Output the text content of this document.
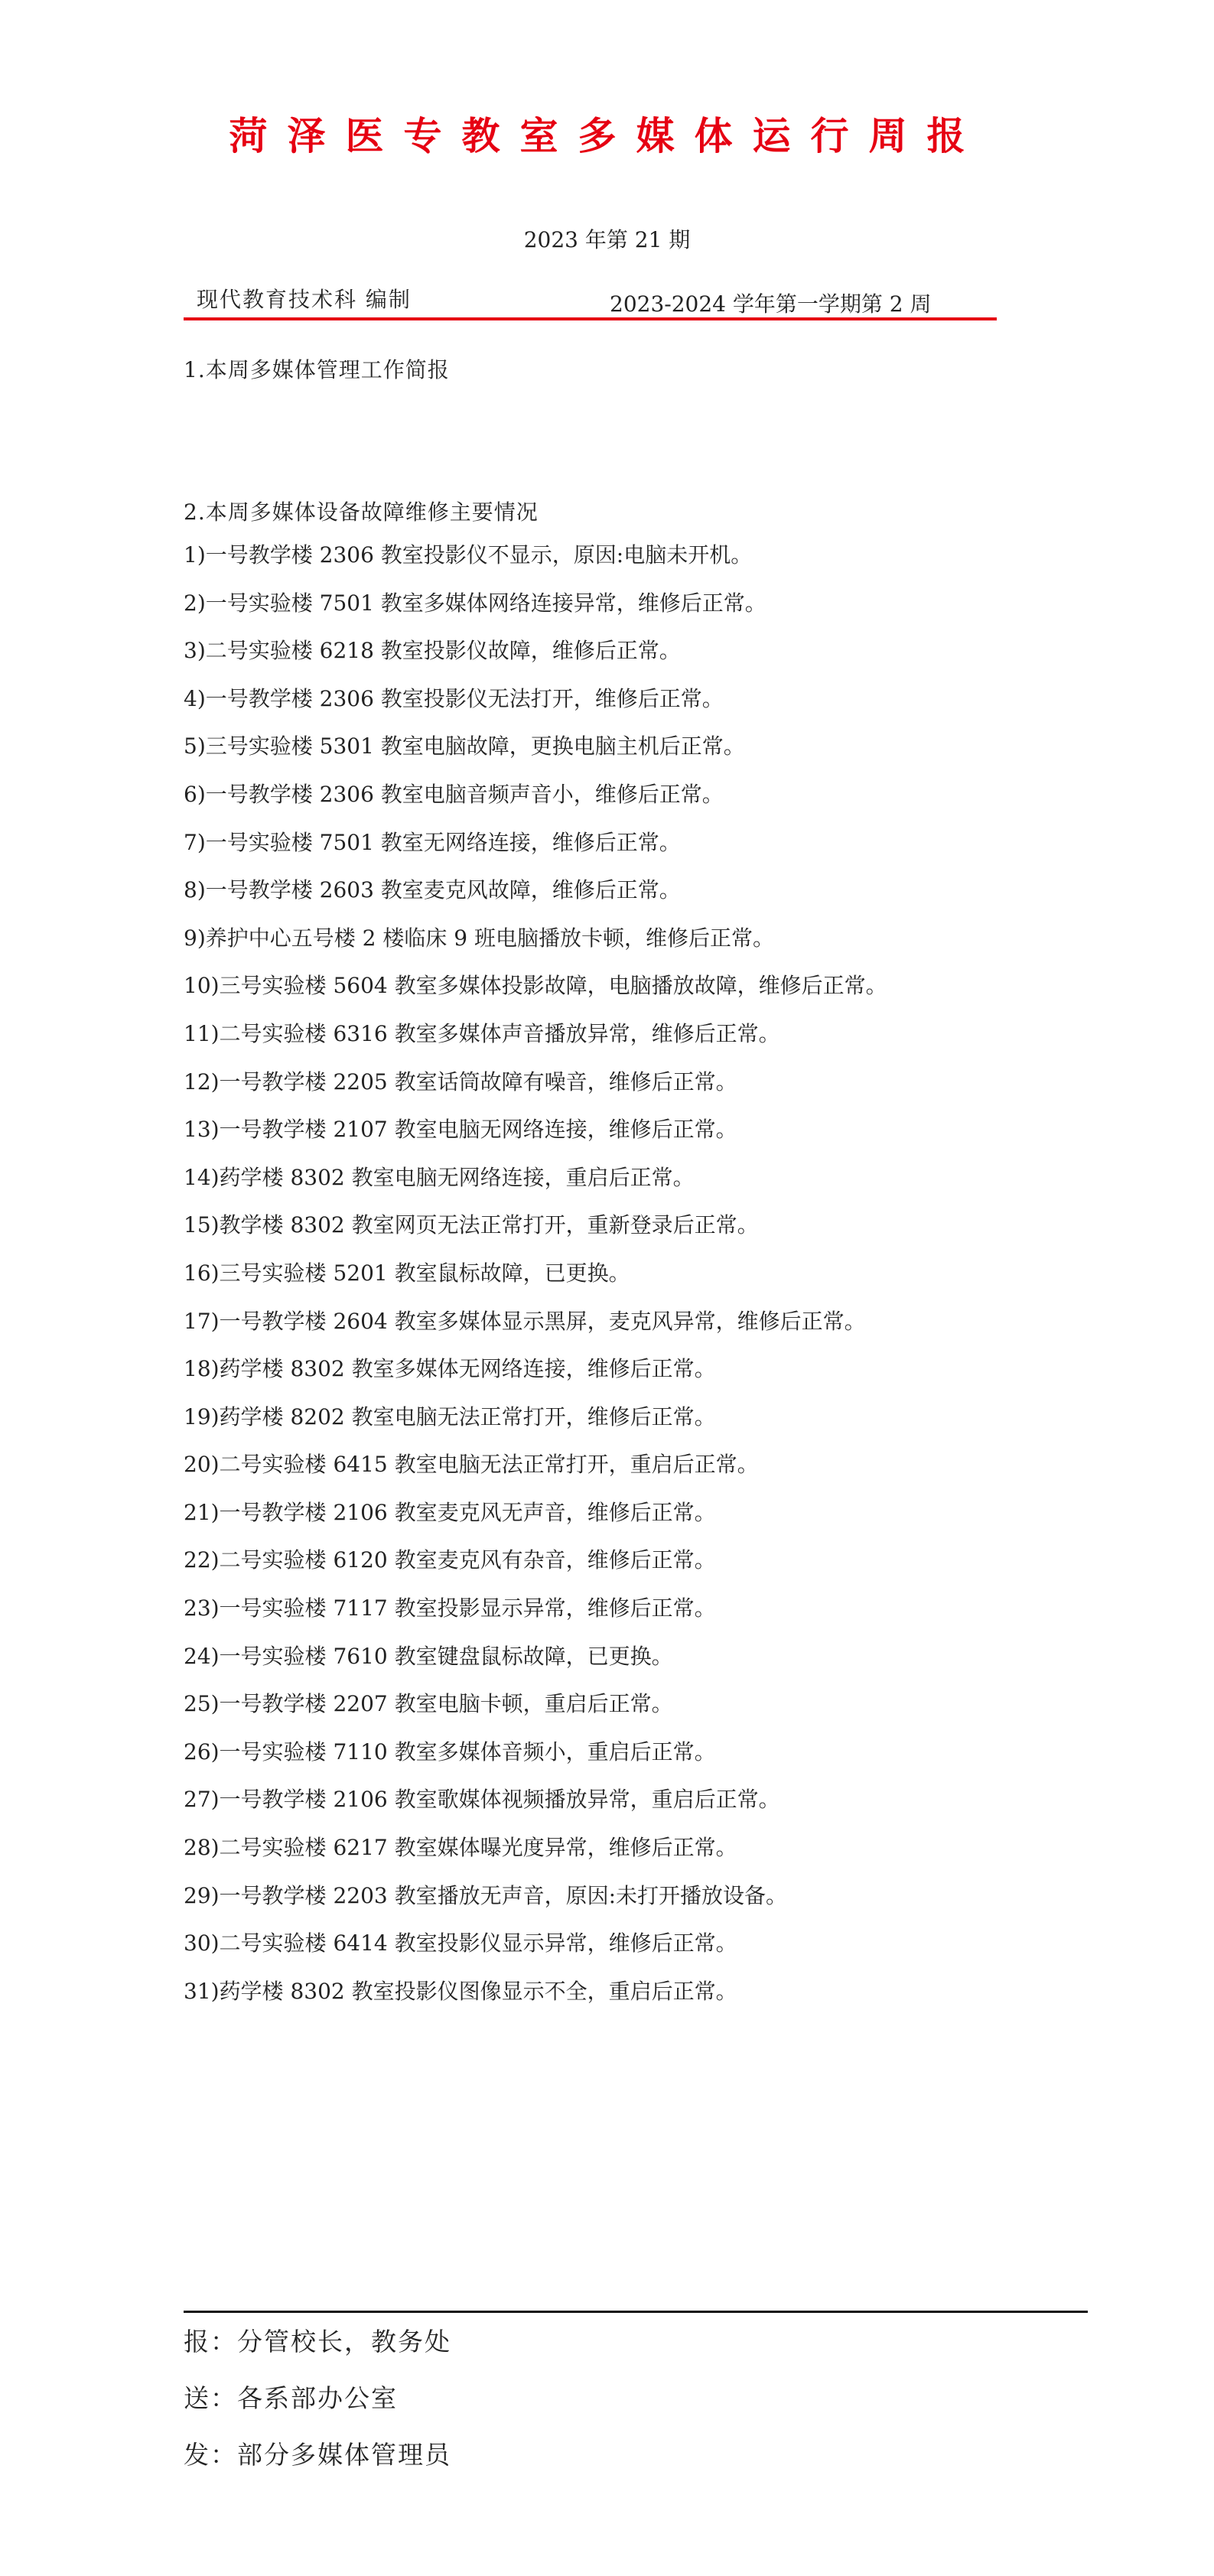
菏泽医专教室多媒体运行周报
2023 年第 21 期
现代教育技术科 编制	2023-2024 学年第一学期第 2 周
1.本周多媒体管理工作简报
2.本周多媒体设备故障维修主要情况
1)一号教学楼 2306 教室投影仪不显示，原因:电脑未开机。
2)一号实验楼 7501 教室多媒体网络连接异常，维修后正常。
3)二号实验楼 6218 教室投影仪故障，维修后正常。
4)一号教学楼 2306 教室投影仪无法打开，维修后正常。
5)三号实验楼 5301 教室电脑故障，更换电脑主机后正常。
6)一号教学楼 2306 教室电脑音频声音小，维修后正常。
7)一号实验楼 7501 教室无网络连接，维修后正常。
8)一号教学楼 2603 教室麦克风故障，维修后正常。
9)养护中心五号楼 2 楼临床 9 班电脑播放卡顿，维修后正常。
10)三号实验楼 5604 教室多媒体投影故障，电脑播放故障，维修后正常。
11)二号实验楼 6316 教室多媒体声音播放异常，维修后正常。
12)一号教学楼 2205 教室话筒故障有噪音，维修后正常。
13)一号教学楼 2107 教室电脑无网络连接，维修后正常。
14)药学楼 8302 教室电脑无网络连接，重启后正常。
15)教学楼 8302 教室网页无法正常打开，重新登录后正常。
16)三号实验楼 5201 教室鼠标故障，已更换。
17)一号教学楼 2604 教室多媒体显示黑屏，麦克风异常，维修后正常。
18)药学楼 8302 教室多媒体无网络连接，维修后正常。
19)药学楼 8202 教室电脑无法正常打开，维修后正常。
20)二号实验楼 6415 教室电脑无法正常打开，重启后正常。
21)一号教学楼 2106 教室麦克风无声音，维修后正常。
22)二号实验楼 6120 教室麦克风有杂音，维修后正常。
23)一号实验楼 7117 教室投影显示异常，维修后正常。
24)一号实验楼 7610 教室键盘鼠标故障，已更换。
25)一号教学楼 2207 教室电脑卡顿，重启后正常。
26)一号实验楼 7110 教室多媒体音频小，重启后正常。
27)一号教学楼 2106 教室歌媒体视频播放异常，重启后正常。
28)二号实验楼 6217 教室媒体曝光度异常，维修后正常。
29)一号教学楼 2203 教室播放无声音，原因:未打开播放设备。
30)二号实验楼 6414 教室投影仪显示异常，维修后正常。
31)药学楼 8302 教室投影仪图像显示不全，重启后正常。
报：分管校长，教务处
送：各系部办公室
发：部分多媒体管理员
